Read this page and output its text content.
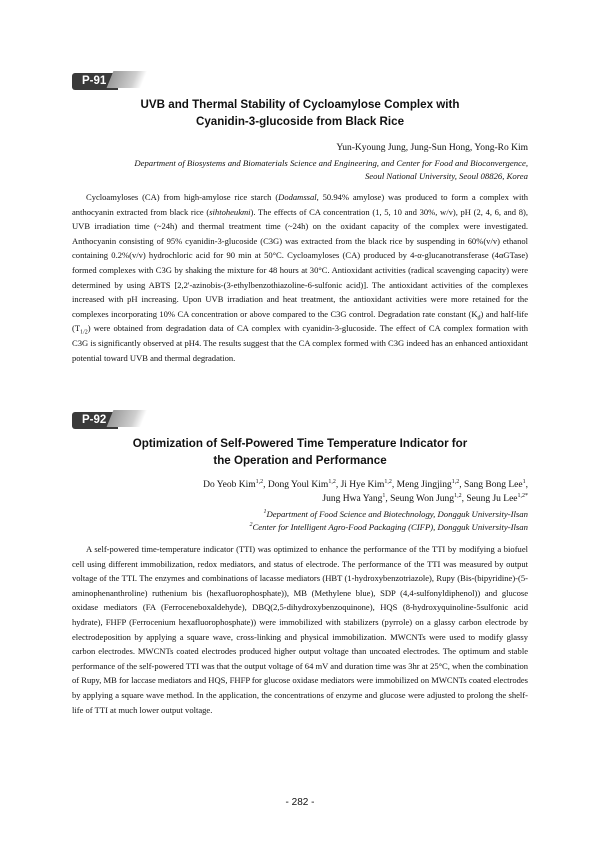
P-91
UVB and Thermal Stability of Cycloamylose Complex with
Cyanidin-3-glucoside from Black Rice
Yun-Kyoung Jung, Jung-Sun Hong, Yong-Ro Kim
Department of Biosystems and Biomaterials Science and Engineering, and Center for Food and Bioconvergence,
Seoul National University, Seoul 08826, Korea

Cycloamyloses (CA) from high-amylose rice starch (Dodamssal, 50.94% amylose) was produced to form a complex with anthocyanin extracted from black rice (sihtoheukmi). The effects of CA concentration (1, 5, 10 and 30%, w/v), pH (2, 4, 6, and 8), UVB irradiation time (~24h) and thermal treatment time (~24h) on the oxidant capacity of the complex were investigated. Anthocyanin consisting of 95% cyanidin-3-glucoside (C3G) was extracted from the black rice by suspending in 60%(v/v) ethanol containing 0.2%(v/v) hydrochloric acid for 90 min at 50°C. Cycloamyloses (CA) produced by 4-α-glucanotransferase (4αGTase) formed complexes with C3G by shaking the mixture for 48 hours at 30°C. Antioxidant activities (radical scavenging capacity) were determined by using ABTS [2,2'-azinobis-(3-ethylbenzothiazoline-6-sulfonic acid)]. The antioxidant activities of the complexes increased with pH increasing. Upon UVB irradiation and heat treatment, the antioxidant activities were more retained for the complexes incorporating 10% CA concentration or above compared to the C3G control. Degradation rate constant $(K_d)$ and half-life $(T_{1/2})$ were obtained from degradation data of CA complex with cyanidin-3-glucoside. The effect of CA complex formation with C3G is significantly observed at pH4. The results suggest that the CA complex formed with C3G indeed has an enhanced antioxidant potential toward UVB and thermal degradation.

P-92
Optimization of Self-Powered Time Temperature Indicator for
the Operation and Performance
Do Yeob Kim$^{1,2}$, Dong Youl Kim$^{1,2}$, Ji Hye Kim$^{1,2}$, Meng Jingjing$^{1,2}$, Sang Bong Lee$^1$,
Jung Hwa Yang$^1$, Seung Won Jung$^{1,2}$, Seung Ju Lee$^{1,2*}$
$^1$Department of Food Science and Biotechnology, Dongguk University-Ilsan
$^2$Center for Intelligent Agro-Food Packaging (CIFP), Dongguk University-Ilsan

A self-powered time-temperature indicator (TTI) was optimized to enhance the performance of the TTI by modifying a biofuel cell using different immobilization, redox mediators, and status of electrode. The performance of the TTI was measured by output voltage of the TTI. The enzymes and combinations of lacasse mediators (HBT (1-hydroxybenzotriazole), Rupy (Bis-(bipyridine)-(5-aminophenanthroline) ruthenium bis (hexafluorophosphate)), MB (Methylene blue), SDP (4,4-sulfonyldiphenol)) and glucose oxidase mediators (FA (Ferroceneboxaldehyde), DBQ(2,5-dihydroxybenzoquinone), HQS (8-hydroxyquinoline-5sulfonic acid hydrate), FHFP (Ferrocenium hexafluorophosphate)) were immobilized with stabilizers (pyrrole) on a glassy carbon electrode by electrodeposition by applying a square wave, cross-linking and physical immobilization. MWCNTs were used to modify glassy carbon electrodes. MWCNTs coated electrodes produced higher output voltage than uncoated electrodes. The optimum and stable performance of the self-powered TTI was that the output voltage of 64 mV and duration time was 3hr at 25°C, when the combination of Rupy, MB for laccase mediators and HQS, FHFP for glucose oxidase mediators were immobilized on MWCNTs coated electrodes by applying a square wave method. In the application, the concentrations of enzyme and glucose were adjusted to prolong the shelf-life of TTI at much lower output voltage.

- 282 -
